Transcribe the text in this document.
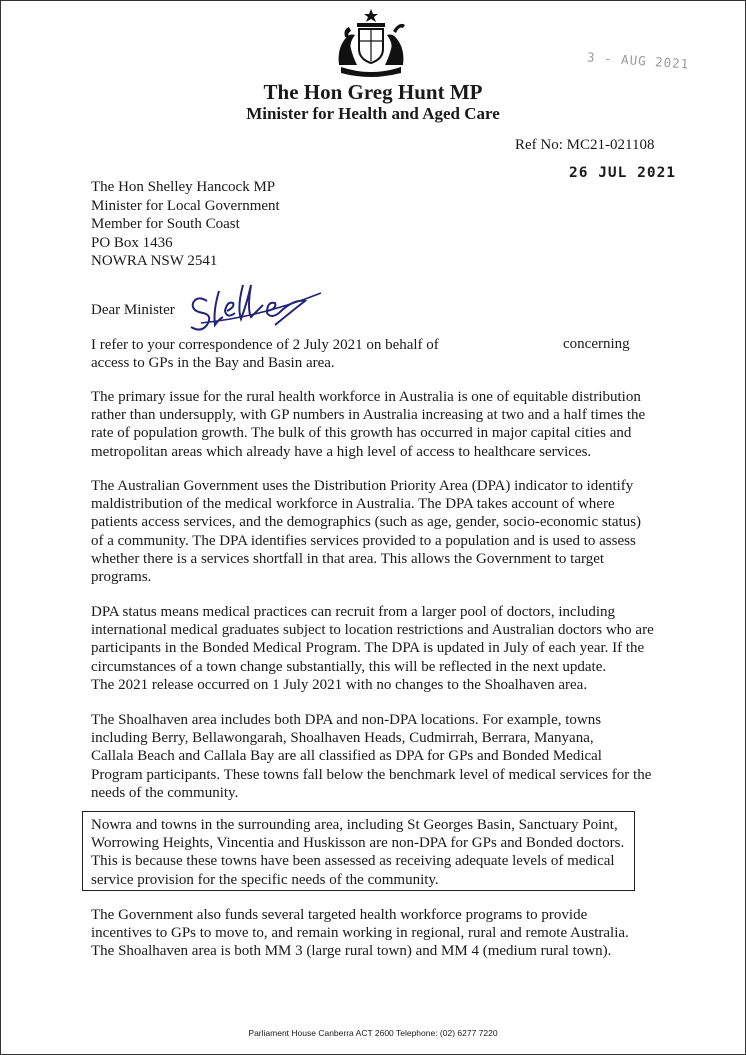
The Hon Greg Hunt MP
Minister for Health and Aged Care
3 - AUG 2021
Ref No: MC21-021108
26 JUL 2021
The Hon Shelley Hancock MP
Minister for Local Government
Member for South Coast
PO Box 1436
NOWRA NSW 2541
Dear Minister
I refer to your correspondence of 2 July 2021 on behalf of
access to GPs in the Bay and Basin area.
concerning
The primary issue for the rural health workforce in Australia is one of equitable distribution
rather than undersupply, with GP numbers in Australia increasing at two and a half times the
rate of population growth. The bulk of this growth has occurred in major capital cities and
metropolitan areas which already have a high level of access to healthcare services.
The Australian Government uses the Distribution Priority Area (DPA) indicator to identify
maldistribution of the medical workforce in Australia. The DPA takes account of where
patients access services, and the demographics (such as age, gender, socio-economic status)
of a community. The DPA identifies services provided to a population and is used to assess
whether there is a services shortfall in that area. This allows the Government to target
programs.
DPA status means medical practices can recruit from a larger pool of doctors, including
international medical graduates subject to location restrictions and Australian doctors who are
participants in the Bonded Medical Program. The DPA is updated in July of each year. If the
circumstances of a town change substantially, this will be reflected in the next update.
The 2021 release occurred on 1 July 2021 with no changes to the Shoalhaven area.
The Shoalhaven area includes both DPA and non-DPA locations. For example, towns
including Berry, Bellawongarah, Shoalhaven Heads, Cudmirrah, Berrara, Manyana,
Callala Beach and Callala Bay are all classified as DPA for GPs and Bonded Medical
Program participants. These towns fall below the benchmark level of medical services for the
needs of the community.
Nowra and towns in the surrounding area, including St Georges Basin, Sanctuary Point,
Worrowing Heights, Vincentia and Huskisson are non-DPA for GPs and Bonded doctors.
This is because these towns have been assessed as receiving adequate levels of medical
service provision for the specific needs of the community.
The Government also funds several targeted health workforce programs to provide
incentives to GPs to move to, and remain working in regional, rural and remote Australia.
The Shoalhaven area is both MM 3 (large rural town) and MM 4 (medium rural town).
Parliament House Canberra ACT 2600 Telephone: (02) 6277 7220
